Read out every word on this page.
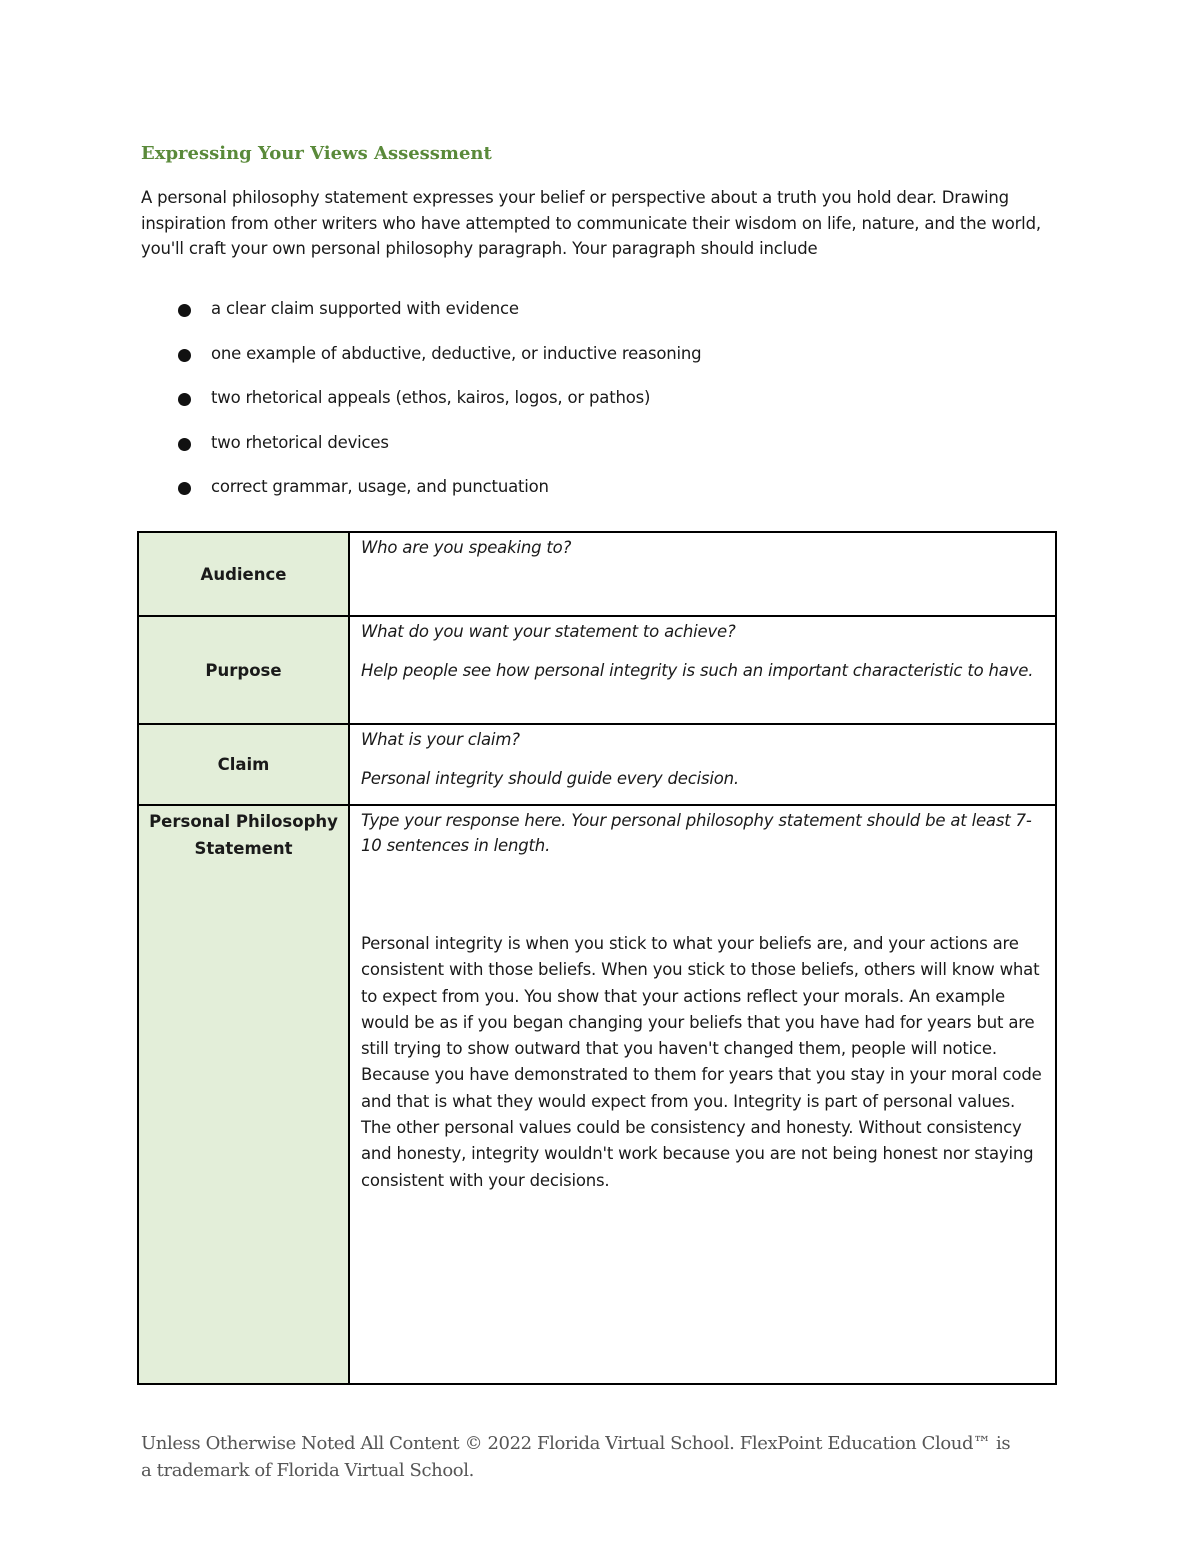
Expressing Your Views Assessment

A personal philosophy statement expresses your belief or perspective about a truth you hold dear. Drawing inspiration from other writers who have attempted to communicate their wisdom on life, nature, and the world, you'll craft your own personal philosophy paragraph. Your paragraph should include

a clear claim supported with evidence
one example of abductive, deductive, or inductive reasoning
two rhetorical appeals (ethos, kairos, logos, or pathos)
two rhetorical devices
correct grammar, usage, and punctuation
Audience	Who are you speaking to?

Purpose	What do you want your statement to achieve?

Help people see how personal integrity is such an important characteristic to have.

Claim	What is your claim?

Personal integrity should guide every decision.

Personal Philosophy Statement	Type your response here. Your personal philosophy statement should be at least 7-10 sentences in length.

Personal integrity is when you stick to what your beliefs are, and your actions are consistent with those beliefs. When you stick to those beliefs, others will know what to expect from you. You show that your actions reflect your morals. An example would be as if you began changing your beliefs that you have had for years but are still trying to show outward that you haven't changed them, people will notice. Because you have demonstrated to them for years that you stay in your moral code and that is what they would expect from you. Integrity is part of personal values. The other personal values could be consistency and honesty. Without consistency and honesty, integrity wouldn't work because you are not being honest nor staying consistent with your decisions.

Unless Otherwise Noted All Content © 2022 Florida Virtual School. FlexPoint Education Cloud™ is a trademark of Florida Virtual School.
